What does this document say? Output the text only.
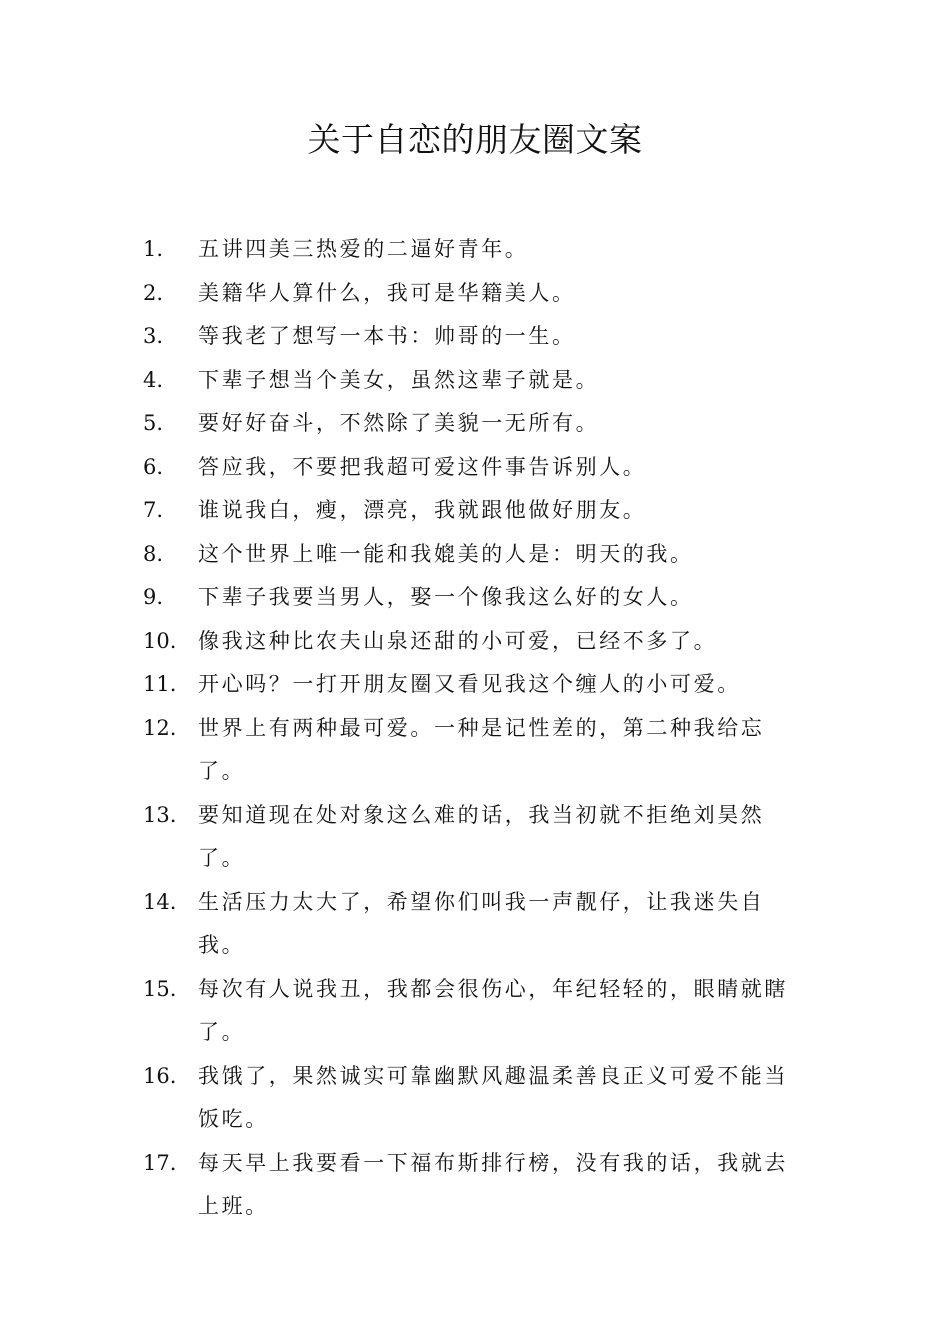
关于自恋的朋友圈文案
1. 五讲四美三热爱的二逼好青年。
2. 美籍华人算什么，我可是华籍美人。
3. 等我老了想写一本书：帅哥的一生。
4. 下辈子想当个美女，虽然这辈子就是。
5. 要好好奋斗，不然除了美貌一无所有。
6. 答应我，不要把我超可爱这件事告诉别人。
7. 谁说我白，瘦，漂亮，我就跟他做好朋友。
8. 这个世界上唯一能和我媲美的人是：明天的我。
9. 下辈子我要当男人，娶一个像我这么好的女人。
10. 像我这种比农夫山泉还甜的小可爱，已经不多了。
11. 开心吗？一打开朋友圈又看见我这个缠人的小可爱。
12. 世界上有两种最可爱。一种是记性差的，第二种我给忘了。
13. 要知道现在处对象这么难的话，我当初就不拒绝刘昊然了。
14. 生活压力太大了，希望你们叫我一声靓仔，让我迷失自我。
15. 每次有人说我丑，我都会很伤心，年纪轻轻的，眼睛就瞎了。
16. 我饿了，果然诚实可靠幽默风趣温柔善良正义可爱不能当饭吃。
17. 每天早上我要看一下福布斯排行榜，没有我的话，我就去上班。
